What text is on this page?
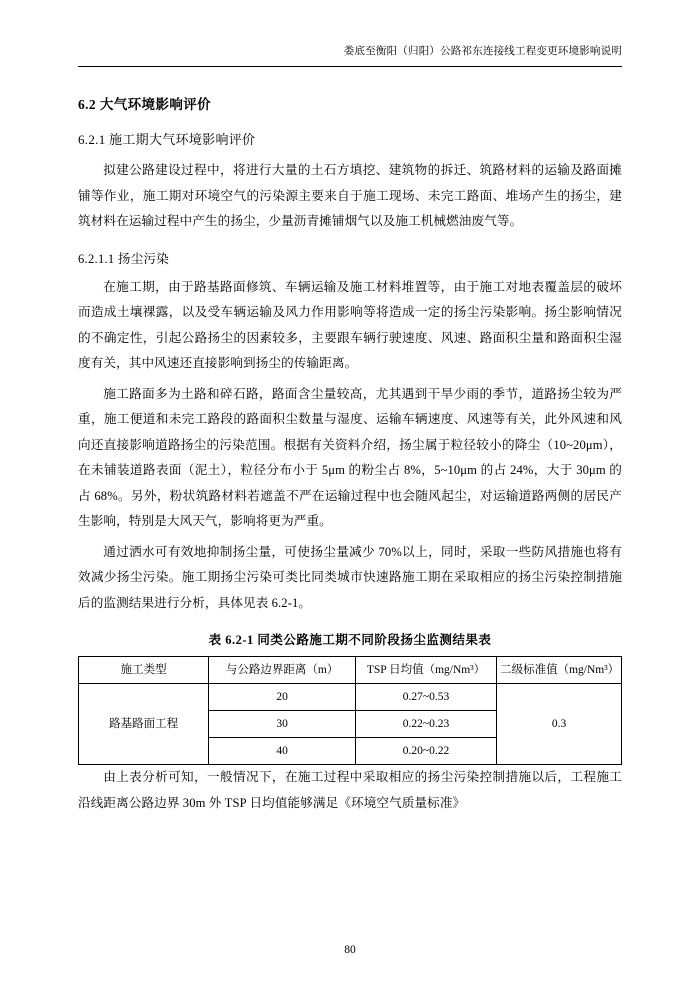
娄底至衡阳（归阳）公路祁东连接线工程变更环境影响说明
6.2 大气环境影响评价
6.2.1 施工期大气环境影响评价

拟建公路建设过程中，将进行大量的土石方填挖、建筑物的拆迁、筑路材料的运输及路面摊铺等作业，施工期对环境空气的污染源主要来自于施工现场、未完工路面、堆场产生的扬尘，建筑材料在运输过程中产生的扬尘，少量沥青摊铺烟气以及施工机械燃油废气等。

6.2.1.1 扬尘污染

在施工期，由于路基路面修筑、车辆运输及施工材料堆置等，由于施工对地表覆盖层的破坏而造成土壤裸露，以及受车辆运输及风力作用影响等将造成一定的扬尘污染影响。扬尘影响情况的不确定性，引起公路扬尘的因素较多，主要跟车辆行驶速度、风速、路面积尘量和路面积尘湿度有关，其中风速还直接影响到扬尘的传输距离。

施工路面多为土路和碎石路，路面含尘量较高，尤其遇到干旱少雨的季节，道路扬尘较为严重，施工便道和未完工路段的路面积尘数量与湿度、运输车辆速度、风速等有关，此外风速和风向还直接影响道路扬尘的污染范围。根据有关资料介绍，扬尘属于粒径较小的降尘（10~20μm），在未铺装道路表面（泥土），粒径分布小于 5μm 的粉尘占 8%，5~10μm 的占 24%，大于 30μm 的占 68%。另外，粉状筑路材料若遮盖不严在运输过程中也会随风起尘，对运输道路两侧的居民产生影响，特别是大风天气，影响将更为严重。

通过洒水可有效地抑制扬尘量，可使扬尘量减少 70%以上，同时，采取一些防风措施也将有效减少扬尘污染。施工期扬尘污染可类比同类城市快速路施工期在采取相应的扬尘污染控制措施后的监测结果进行分析，具体见表 6.2-1。

表 6.2-1 同类公路施工期不同阶段扬尘监测结果表
施工类型	与公路边界距离（m）	TSP 日均值（mg/Nm³）	二级标准值（mg/Nm³）
路基路面工程	20	0.27~0.53	0.3
	30	0.22~0.23	
	40	0.20~0.22	

由上表分析可知，一般情况下，在施工过程中采取相应的扬尘污染控制措施以后，工程施工沿线距离公路边界 30m 外 TSP 日均值能够满足《环境空气质量标准》

80
